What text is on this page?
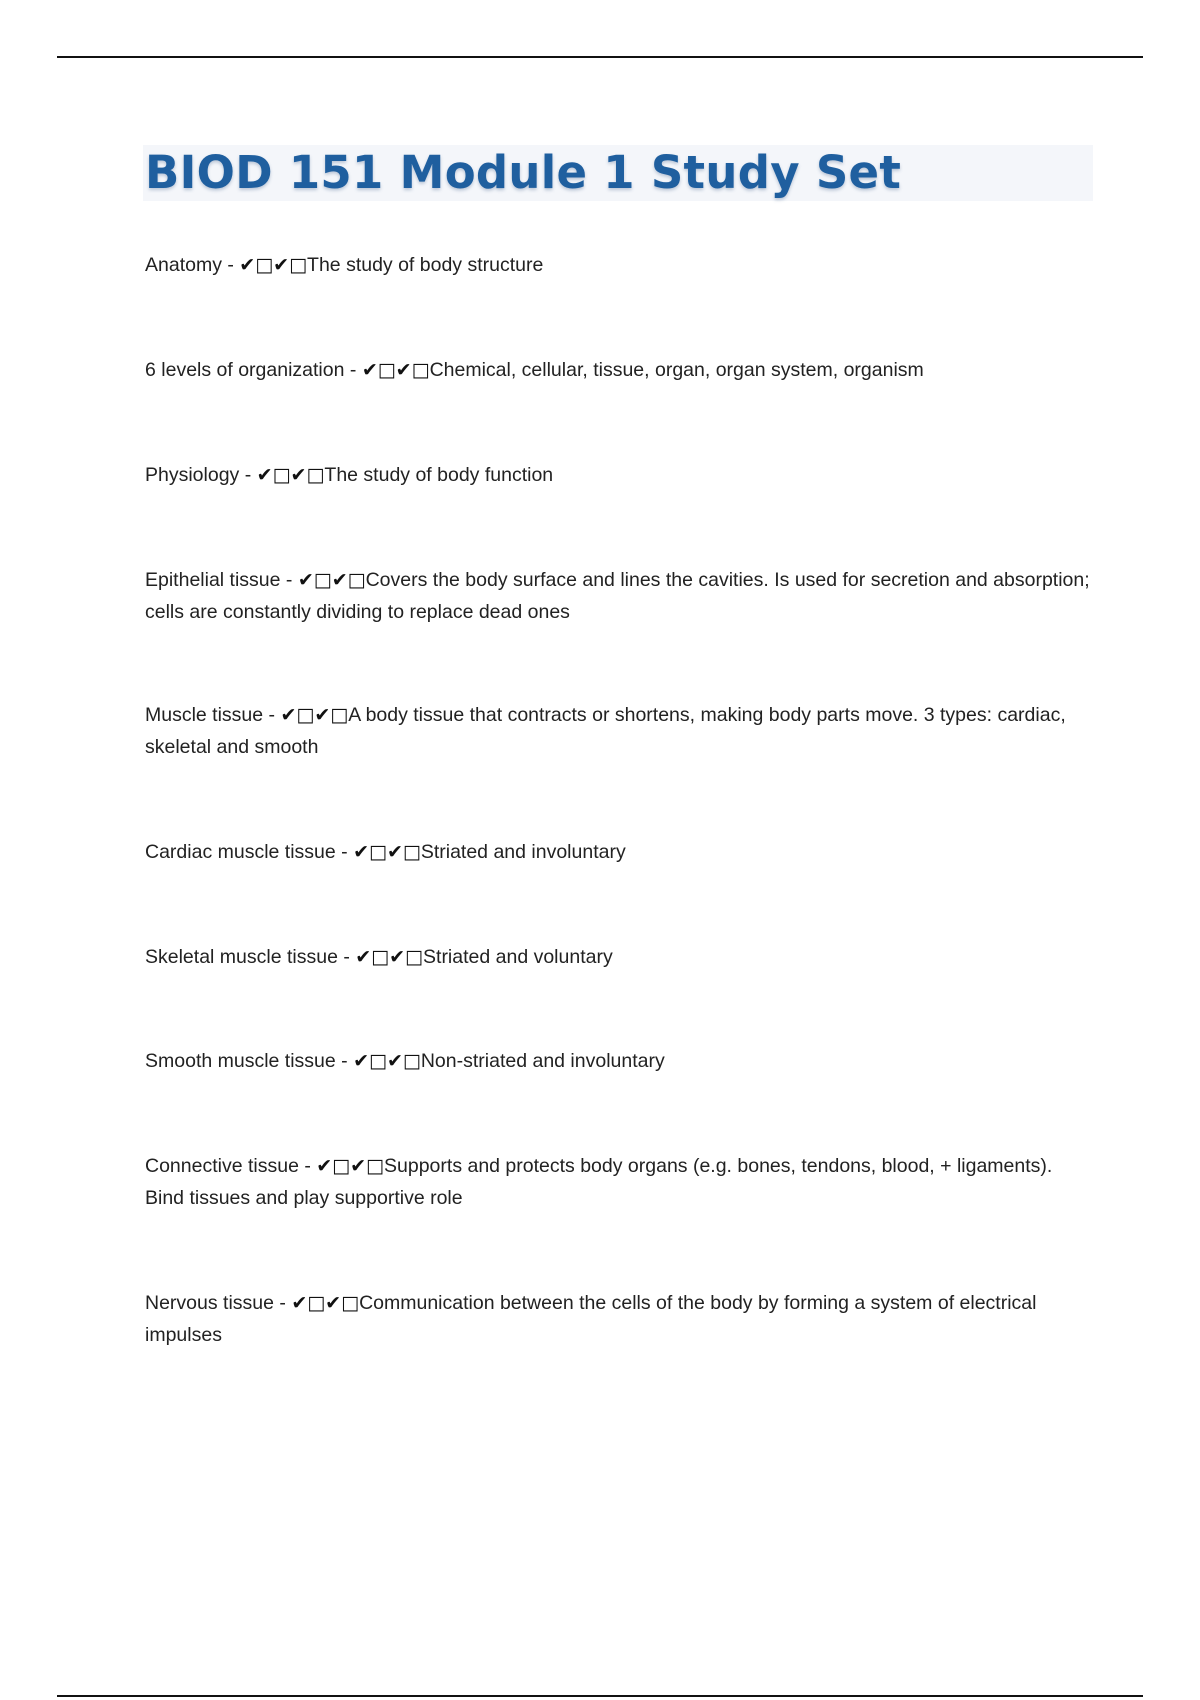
BIOD 151 Module 1 Study Set
Anatomy - ✔□✔□The study of body structure
6 levels of organization - ✔□✔□Chemical, cellular, tissue, organ, organ system, organism
Physiology - ✔□✔□The study of body function
Epithelial tissue - ✔□✔□Covers the body surface and lines the cavities. Is used for secretion and absorption; cells are constantly dividing to replace dead ones
Muscle tissue - ✔□✔□A body tissue that contracts or shortens, making body parts move. 3 types: cardiac, skeletal and smooth
Cardiac muscle tissue - ✔□✔□Striated and involuntary
Skeletal muscle tissue - ✔□✔□Striated and voluntary
Smooth muscle tissue - ✔□✔□Non-striated and involuntary
Connective tissue - ✔□✔□Supports and protects body organs (e.g. bones, tendons, blood, + ligaments). Bind tissues and play supportive role
Nervous tissue - ✔□✔□Communication between the cells of the body by forming a system of electrical impulses
